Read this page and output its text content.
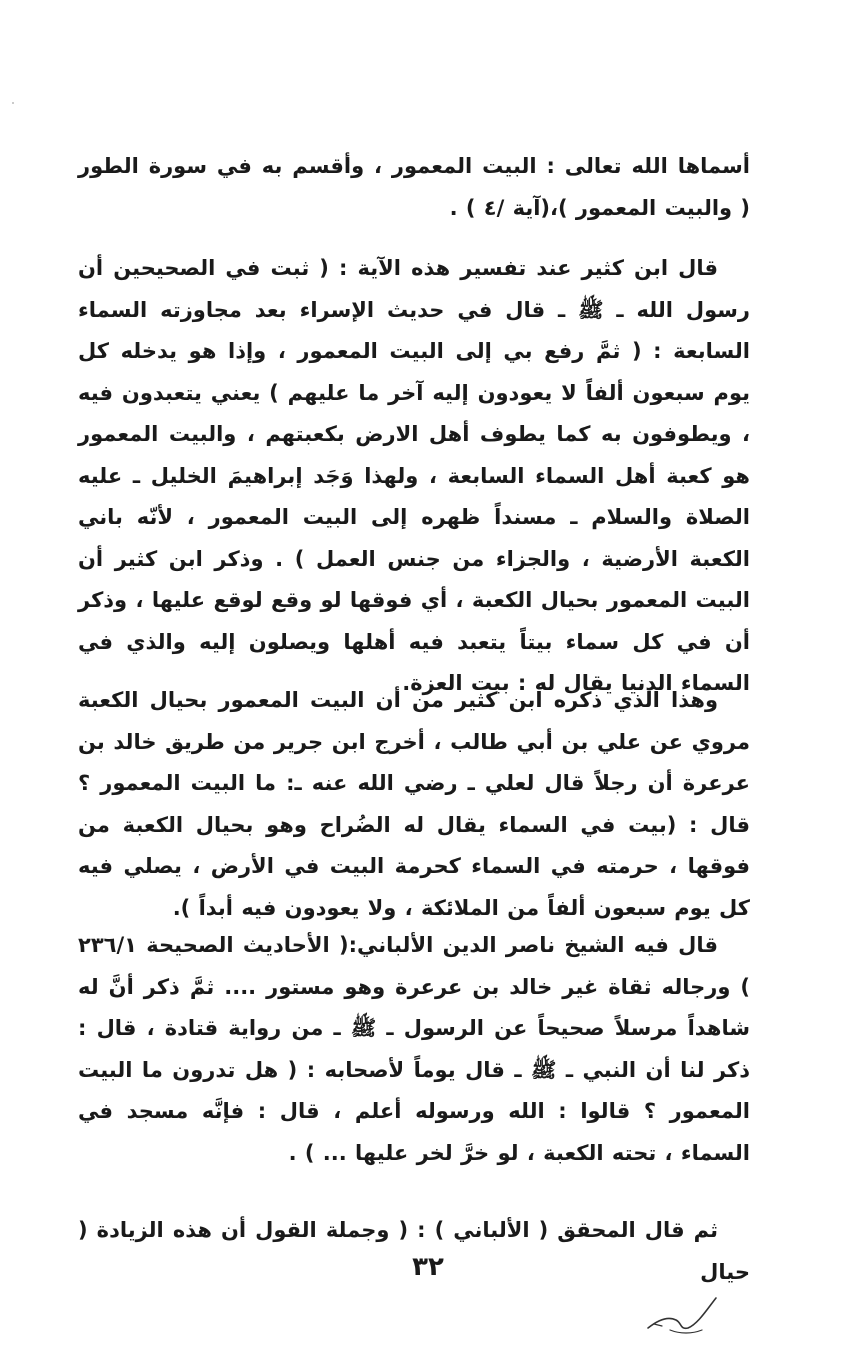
أسماها الله تعالى : البيت المعمور ، وأقسم به في سورة الطور ( والبيت المعمور )،(آية /٤ ) .

قال ابن كثير عند تفسير هذه الآية : ( ثبت في الصحيحين أن رسول الله ـ ﷺ ـ قال في حديث الإسراء بعد مجاوزته السماء السابعة : ( ثمَّ رفع بي إلى البيت المعمور ، وإذا هو يدخله كل يوم سبعون ألفاً لا يعودون إليه آخر ما عليهم ) يعني يتعبدون فيه ، ويطوفون به كما يطوف أهل الارض بكعبتهم ، والبيت المعمور هو كعبة أهل السماء السابعة ، ولهذا وَجَد إبراهيمَ الخليل ـ عليه الصلاة والسلام ـ مسنداً ظهره إلى البيت المعمور ، لأنّه باني الكعبة الأرضية ، والجزاء من جنس العمل ) . وذكر ابن كثير أن البيت المعمور بحيال الكعبة ، أي فوقها لو وقع لوقع عليها ، وذكر أن في كل سماء بيتاً يتعبد فيه أهلها ويصلون إليه والذي في السماء الدنيا يقال له : بيت العزة.

وهذا الذي ذكره ابن كثير من أن البيت المعمور بحيال الكعبة مروي عن علي بن أبي طالب ، أخرج ابن جرير من طريق خالد بن عرعرة أن رجلاً قال لعلي ـ رضي الله عنه ـ: ما البيت المعمور ؟ قال : (بيت في السماء يقال له الضُراح وهو بحيال الكعبة من فوقها ، حرمته في السماء كحرمة البيت في الأرض ، يصلي فيه كل يوم سبعون ألفاً من الملائكة ، ولا يعودون فيه أبداً ).

قال فيه الشيخ ناصر الدين الألباني:( الأحاديث الصحيحة ٢٣٦/١ ) ورجاله ثقاة غير خالد بن عرعرة وهو مستور .... ثمَّ ذكر أنَّ له شاهداً مرسلاً صحيحاً عن الرسول ـ ﷺ ـ من رواية قتادة ، قال : ذكر لنا أن النبي ـ ﷺ ـ قال يوماً لأصحابه : ( هل تدرون ما البيت المعمور ؟ قالوا : الله ورسوله أعلم ، قال : فإنَّه مسجد في السماء ، تحته الكعبة ، لو خرَّ لخر عليها ... ) .

ثم قال المحقق ( الألباني ) : ( وجملة القول أن هذه الزيادة ( حيال

٣٢
